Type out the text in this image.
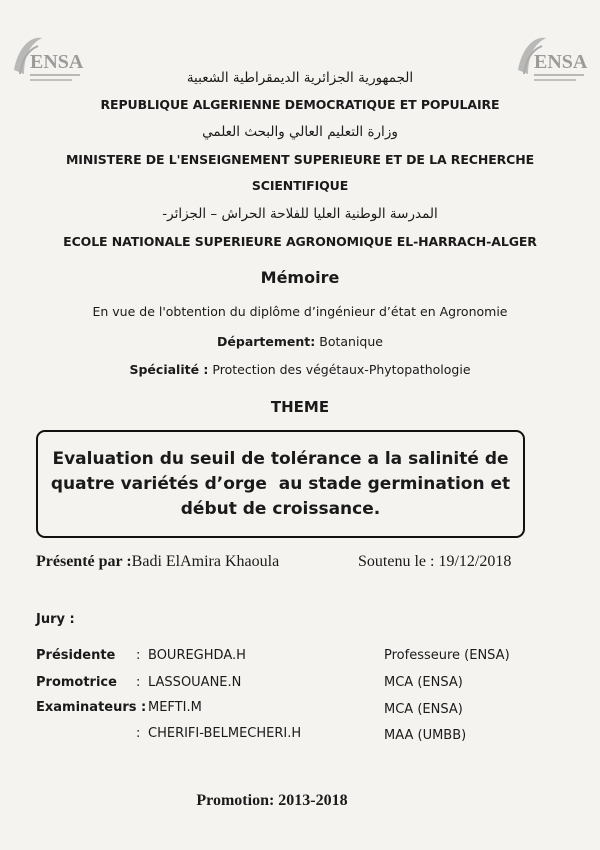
ENSA	ENSA
الجمهورية الجزائرية الديمقراطية الشعبية
REPUBLIQUE ALGERIENNE DEMOCRATIQUE ET POPULAIRE
وزارة التعليم العالي والبحث العلمي
MINISTERE DE L'ENSEIGNEMENT SUPERIEURE ET DE LA RECHERCHE
SCIENTIFIQUE
المدرسة الوطنية العليا للفلاحة الحراش – الجزائر-
ECOLE NATIONALE SUPERIEURE AGRONOMIQUE EL-HARRACH-ALGER
Mémoire
En vue de l'obtention du diplôme d’ingénieur d’état en Agronomie
Département: Botanique
Spécialité : Protection des végétaux-Phytopathologie
THEME
Evaluation du seuil de tolérance a la salinité de
quatre variétés d’orge  au stade germination et
début de croissance.
Présenté par :Badi ElAmira Khaoula	Soutenu le : 19/12/2018
Jury :
Présidente : BOUREGHDA.H	Professeure (ENSA)
Promotrice : LASSOUANE.N	MCA (ENSA)
Examinateurs : MEFTI.M	MCA (ENSA)
: CHERIFI-BELMECHERI.H	MAA (UMBB)
Promotion: 2013-2018
